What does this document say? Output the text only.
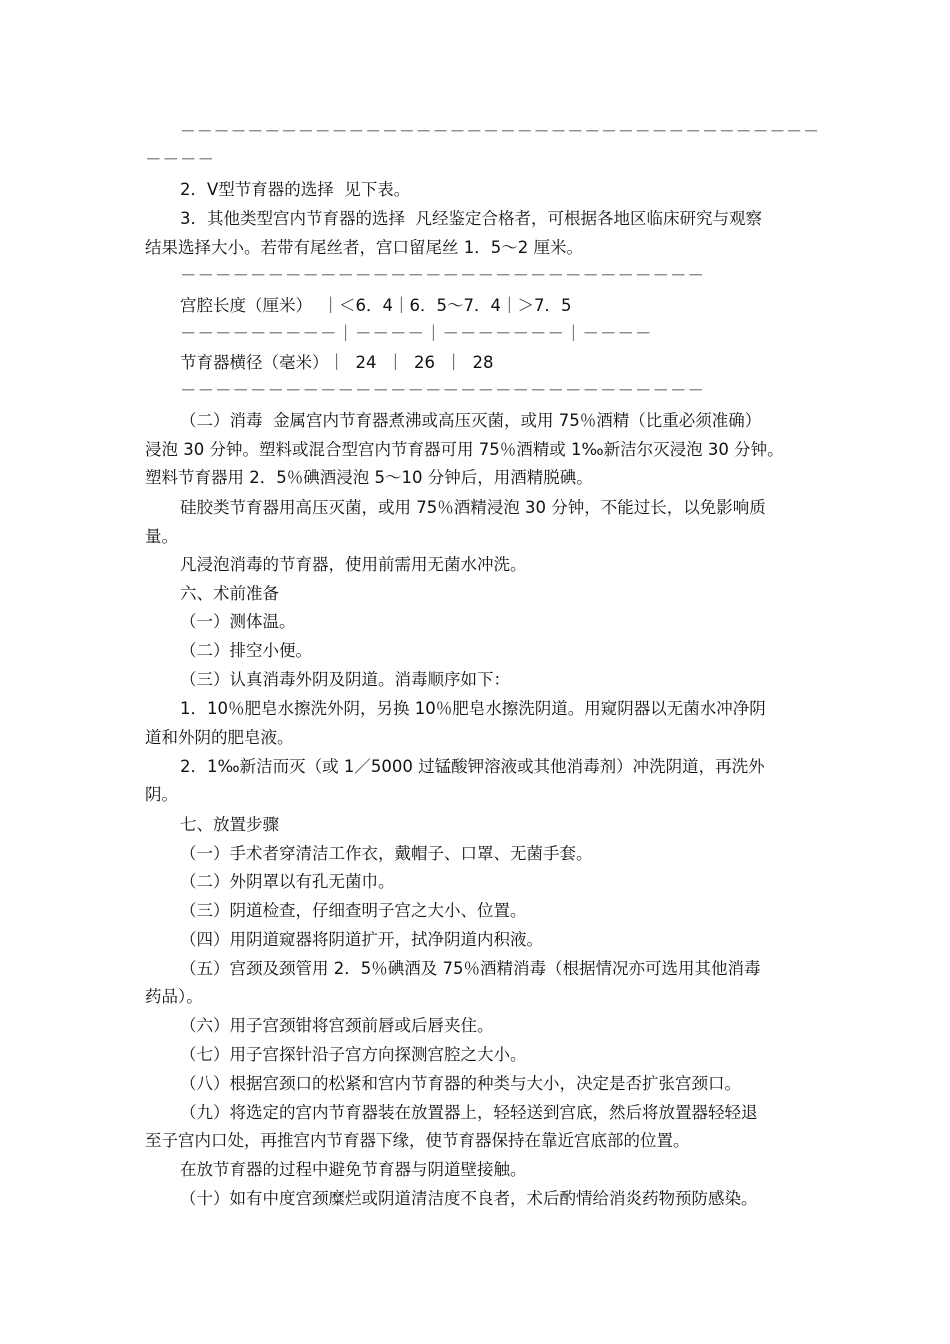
－－－－－－－－－－－－－－－－－－－－－－－－－－－－－－－－－－－－－－
－－－－
2．V型节育器的选择  见下表。
3．其他类型宫内节育器的选择  凡经鉴定合格者，可根据各地区临床研究与观察
结果选择大小。若带有尾丝者，宫口留尾丝 1．5～2 厘米。
－－－－－－－－－－－－－－－－－－－－－－－－－－－－－－
宫腔长度（厘米）  ｜＜6．4｜6．5～7．4｜＞7．5
－－－－－－－－－｜－－－－｜－－－－－－－｜－－－－
节育器横径（毫米）｜  24  ｜  26  ｜  28
－－－－－－－－－－－－－－－－－－－－－－－－－－－－－－
（二）消毒  金属宫内节育器煮沸或高压灭菌，或用 75％酒精（比重必须准确）
浸泡 30 分钟。塑料或混合型宫内节育器可用 75％酒精或 1‰新洁尔灭浸泡 30 分钟。
塑料节育器用 2．5％碘酒浸泡 5～10 分钟后，用酒精脱碘。
硅胶类节育器用高压灭菌，或用 75％酒精浸泡 30 分钟，不能过长，以免影响质
量。
凡浸泡消毒的节育器，使用前需用无菌水冲洗。
六、术前准备
（一）测体温。
（二）排空小便。
（三）认真消毒外阴及阴道。消毒顺序如下：
1．10％肥皂水擦洗外阴，另换 10％肥皂水擦洗阴道。用窥阴器以无菌水冲净阴
道和外阴的肥皂液。
2．1‰新洁而灭（或 1／5000 过锰酸钾溶液或其他消毒剂）冲洗阴道，再洗外
阴。
七、放置步骤
（一）手术者穿清洁工作衣，戴帽子、口罩、无菌手套。
（二）外阴罩以有孔无菌巾。
（三）阴道检查，仔细查明子宫之大小、位置。
（四）用阴道窥器将阴道扩开，拭净阴道内积液。
（五）宫颈及颈管用 2．5％碘酒及 75％酒精消毒（根据情况亦可选用其他消毒
药品）。
（六）用子宫颈钳将宫颈前唇或后唇夹住。
（七）用子宫探针沿子宫方向探测宫腔之大小。
（八）根据宫颈口的松紧和宫内节育器的种类与大小，决定是否扩张宫颈口。
（九）将选定的宫内节育器装在放置器上，轻轻送到宫底，然后将放置器轻轻退
至子宫内口处，再推宫内节育器下缘，使节育器保持在靠近宫底部的位置。
在放节育器的过程中避免节育器与阴道壁接触。
（十）如有中度宫颈糜烂或阴道清洁度不良者，术后酌情给消炎药物预防感染。
